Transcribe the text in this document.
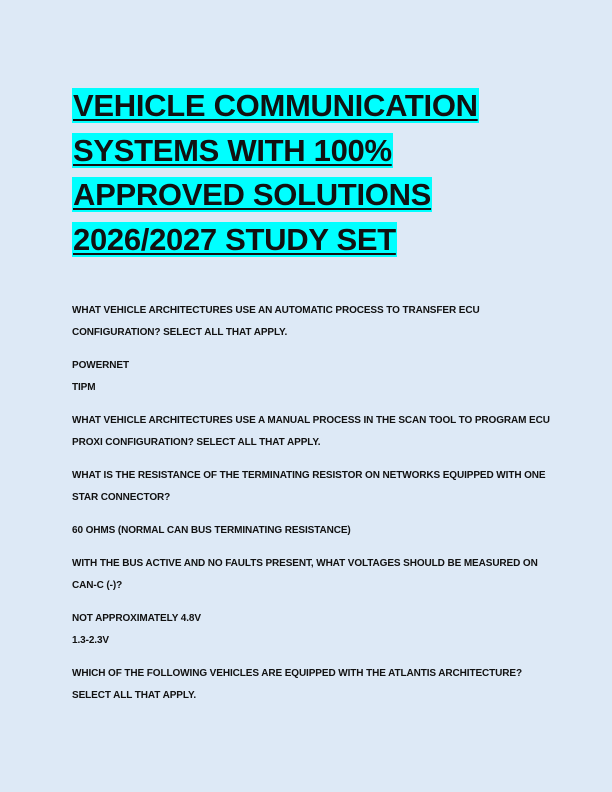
VEHICLE COMMUNICATION
SYSTEMS WITH 100%
APPROVED SOLUTIONS
2026/2027 STUDY SET

WHAT VEHICLE ARCHITECTURES USE AN AUTOMATIC PROCESS TO TRANSFER ECU CONFIGURATION? SELECT ALL THAT APPLY.

POWERNET
TIPM

WHAT VEHICLE ARCHITECTURES USE A MANUAL PROCESS IN THE SCAN TOOL TO PROGRAM ECU PROXI CONFIGURATION? SELECT ALL THAT APPLY.

WHAT IS THE RESISTANCE OF THE TERMINATING RESISTOR ON NETWORKS EQUIPPED WITH ONE STAR CONNECTOR?

60 OHMS (NORMAL CAN BUS TERMINATING RESISTANCE)

WITH THE BUS ACTIVE AND NO FAULTS PRESENT, WHAT VOLTAGES SHOULD BE MEASURED ON CAN-C (-)?

NOT APPROXIMATELY 4.8V
1.3-2.3V

WHICH OF THE FOLLOWING VEHICLES ARE EQUIPPED WITH THE ATLANTIS ARCHITECTURE? SELECT ALL THAT APPLY.
